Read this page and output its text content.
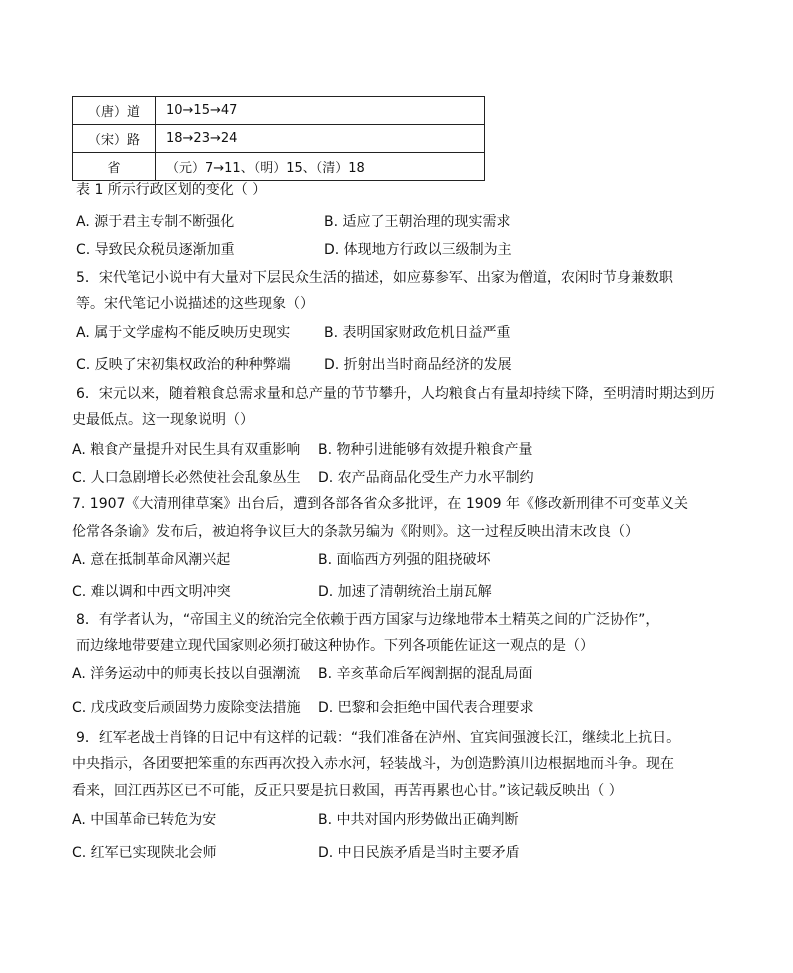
（唐）道	10→15→47
（宋）路	18→23→24
省	（元）7→11、（明）15、（清）18
表 1 所示行政区划的变化（ ）
A. 源于君主专制不断强化	B. 适应了王朝治理的现实需求
C. 导致民众税员逐渐加重	D. 体现地方行政以三级制为主
5．宋代笔记小说中有大量对下层民众生活的描述，如应募参军、出家为僧道，农闲时节身兼数职
等。宋代笔记小说描述的这些现象（）
A. 属于文学虚构不能反映历史现实 B. 表明国家财政危机日益严重
C. 反映了宋初集权政治的种种弊端 D. 折射出当时商品经济的发展
6．宋元以来，随着粮食总需求量和总产量的节节攀升，人均粮食占有量却持续下降，至明清时期达到历
史最低点。这一现象说明（）
A. 粮食产量提升对民生具有双重影响 B. 物种引进能够有效提升粮食产量
C. 人口急剧增长必然使社会乱象丛生 D. 农产品商品化受生产力水平制约
7. 1907《大清刑律草案》出台后，遭到各部各省众多批评，在 1909 年《修改新刑律不可变革义关
伦常各条谕》发布后，被迫将争议巨大的条款另编为《附则》。这一过程反映出清末改良（）
A. 意在抵制革命风潮兴起	B. 面临西方列强的阻挠破坏
C. 难以调和中西文明冲突	D. 加速了清朝统治土崩瓦解
8．有学者认为，“帝国主义的统治完全依赖于西方国家与边缘地带本土精英之间的广泛协作”，
而边缘地带要建立现代国家则必须打破这种协作。下列各项能佐证这一观点的是（）
A. 洋务运动中的师夷长技以自强潮流 B. 辛亥革命后军阀割据的混乱局面
C. 戊戌政变后顽固势力废除变法措施 D. 巴黎和会拒绝中国代表合理要求
9．红军老战士肖锋的日记中有这样的记载：“我们准备在泸州、宜宾间强渡长江，继续北上抗日。
中央指示，各团要把笨重的东西再次投入赤水河，轻装战斗，为创造黔滇川边根据地而斗争。现在
看来，回江西苏区已不可能，反正只要是抗日救国，再苦再累也心甘。”该记载反映出（ ）
A. 中国革命已转危为安	B. 中共对国内形势做出正确判断
C. 红军已实现陕北会师	D. 中日民族矛盾是当时主要矛盾
